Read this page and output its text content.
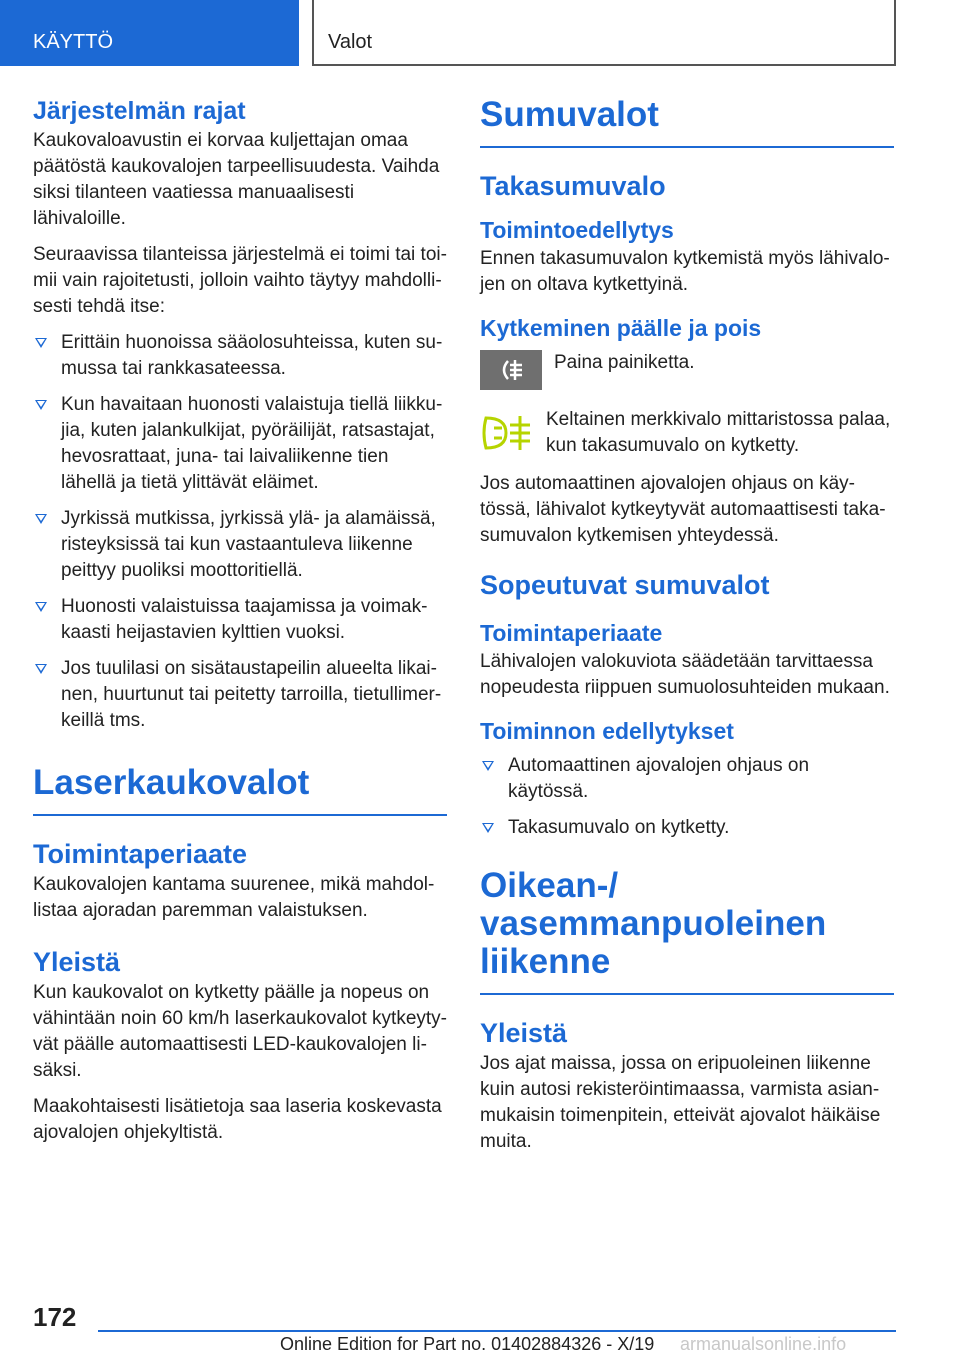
KÄYTTÖ	Valot
Järjestelmän rajat

Kaukovaloavustin ei korvaa kuljettajan omaa päätöstä kaukovalojen tarpeellisuudesta. Vaihda siksi tilanteen vaatiessa manuaalisesti lähivaloille.

Seuraavissa tilanteissa järjestelmä ei toimi tai toimii vain rajoitetusti, jolloin vaihto täytyy mahdollisesti tehdä itse:

Erittäin huonoissa sääolosuhteissa, kuten sumussa tai rankkasateessa.
Kun havaitaan huonosti valaistuja tiellä liikkujia, kuten jalankulkijat, pyöräilijät, ratsastajat, hevosrattaat, juna- tai laivaliikenne tien lähellä ja tietä ylittävät eläimet.
Jyrkissä mutkissa, jyrkissä ylä- ja alamäissä, risteyksissä tai kun vastaantuleva liikenne peittyy puoliksi moottoritiellä.
Huonosti valaistuissa taajamissa ja voimakkaasti heijastavien kylttien vuoksi.
Jos tuulilasi on sisätaustapeilin alueelta likainen, huurtunut tai peitetty tarroilla, tietullimerkeillä tms.
Laserkaukovalot
Toimintaperiaate

Kaukovalojen kantama suurenee, mikä mahdollistaa ajoradan paremman valaistuksen.

Yleistä

Kun kaukovalot on kytketty päälle ja nopeus on vähintään noin 60 km/h laserkaukovalot kytkeytyvät päälle automaattisesti LED-kaukovalojen lisäksi.

Maakohtaisesti lisätietoja saa laseria koskevasta ajovalojen ohjekyltistä.

Sumuvalot
Takasumuvalo
Toimintoedellytys

Ennen takasumuvalon kytkemistä myös lähivalojen on oltava kytkettyinä.

Kytkeminen päälle ja pois

Paina painiketta.

Keltainen merkkivalo mittaristossa palaa, kun takasumuvalo on kytketty.

Jos automaattinen ajovalojen ohjaus on käytössä, lähivalot kytkeytyvät automaattisesti takasumuvalon kytkemisen yhteydessä.

Sopeutuvat sumuvalot
Toimintaperiaate

Lähivalojen valokuviota säädetään tarvittaessa nopeudesta riippuen sumuolosuhteiden mukaan.

Toiminnon edellytykset
Automaattinen ajovalojen ohjaus on käytössä.
Takasumuvalo on kytketty.
Oikean-/ vasemmanpuoleinen liikenne
Yleistä

Jos ajat maissa, jossa on eripuoleinen liikenne kuin autosi rekisteröintimaassa, varmista asianmukaisin toimenpitein, etteivät ajovalot häikäise muita.

172
Online Edition for Part no. 01402884326 - X/19 armanualsonline.info
